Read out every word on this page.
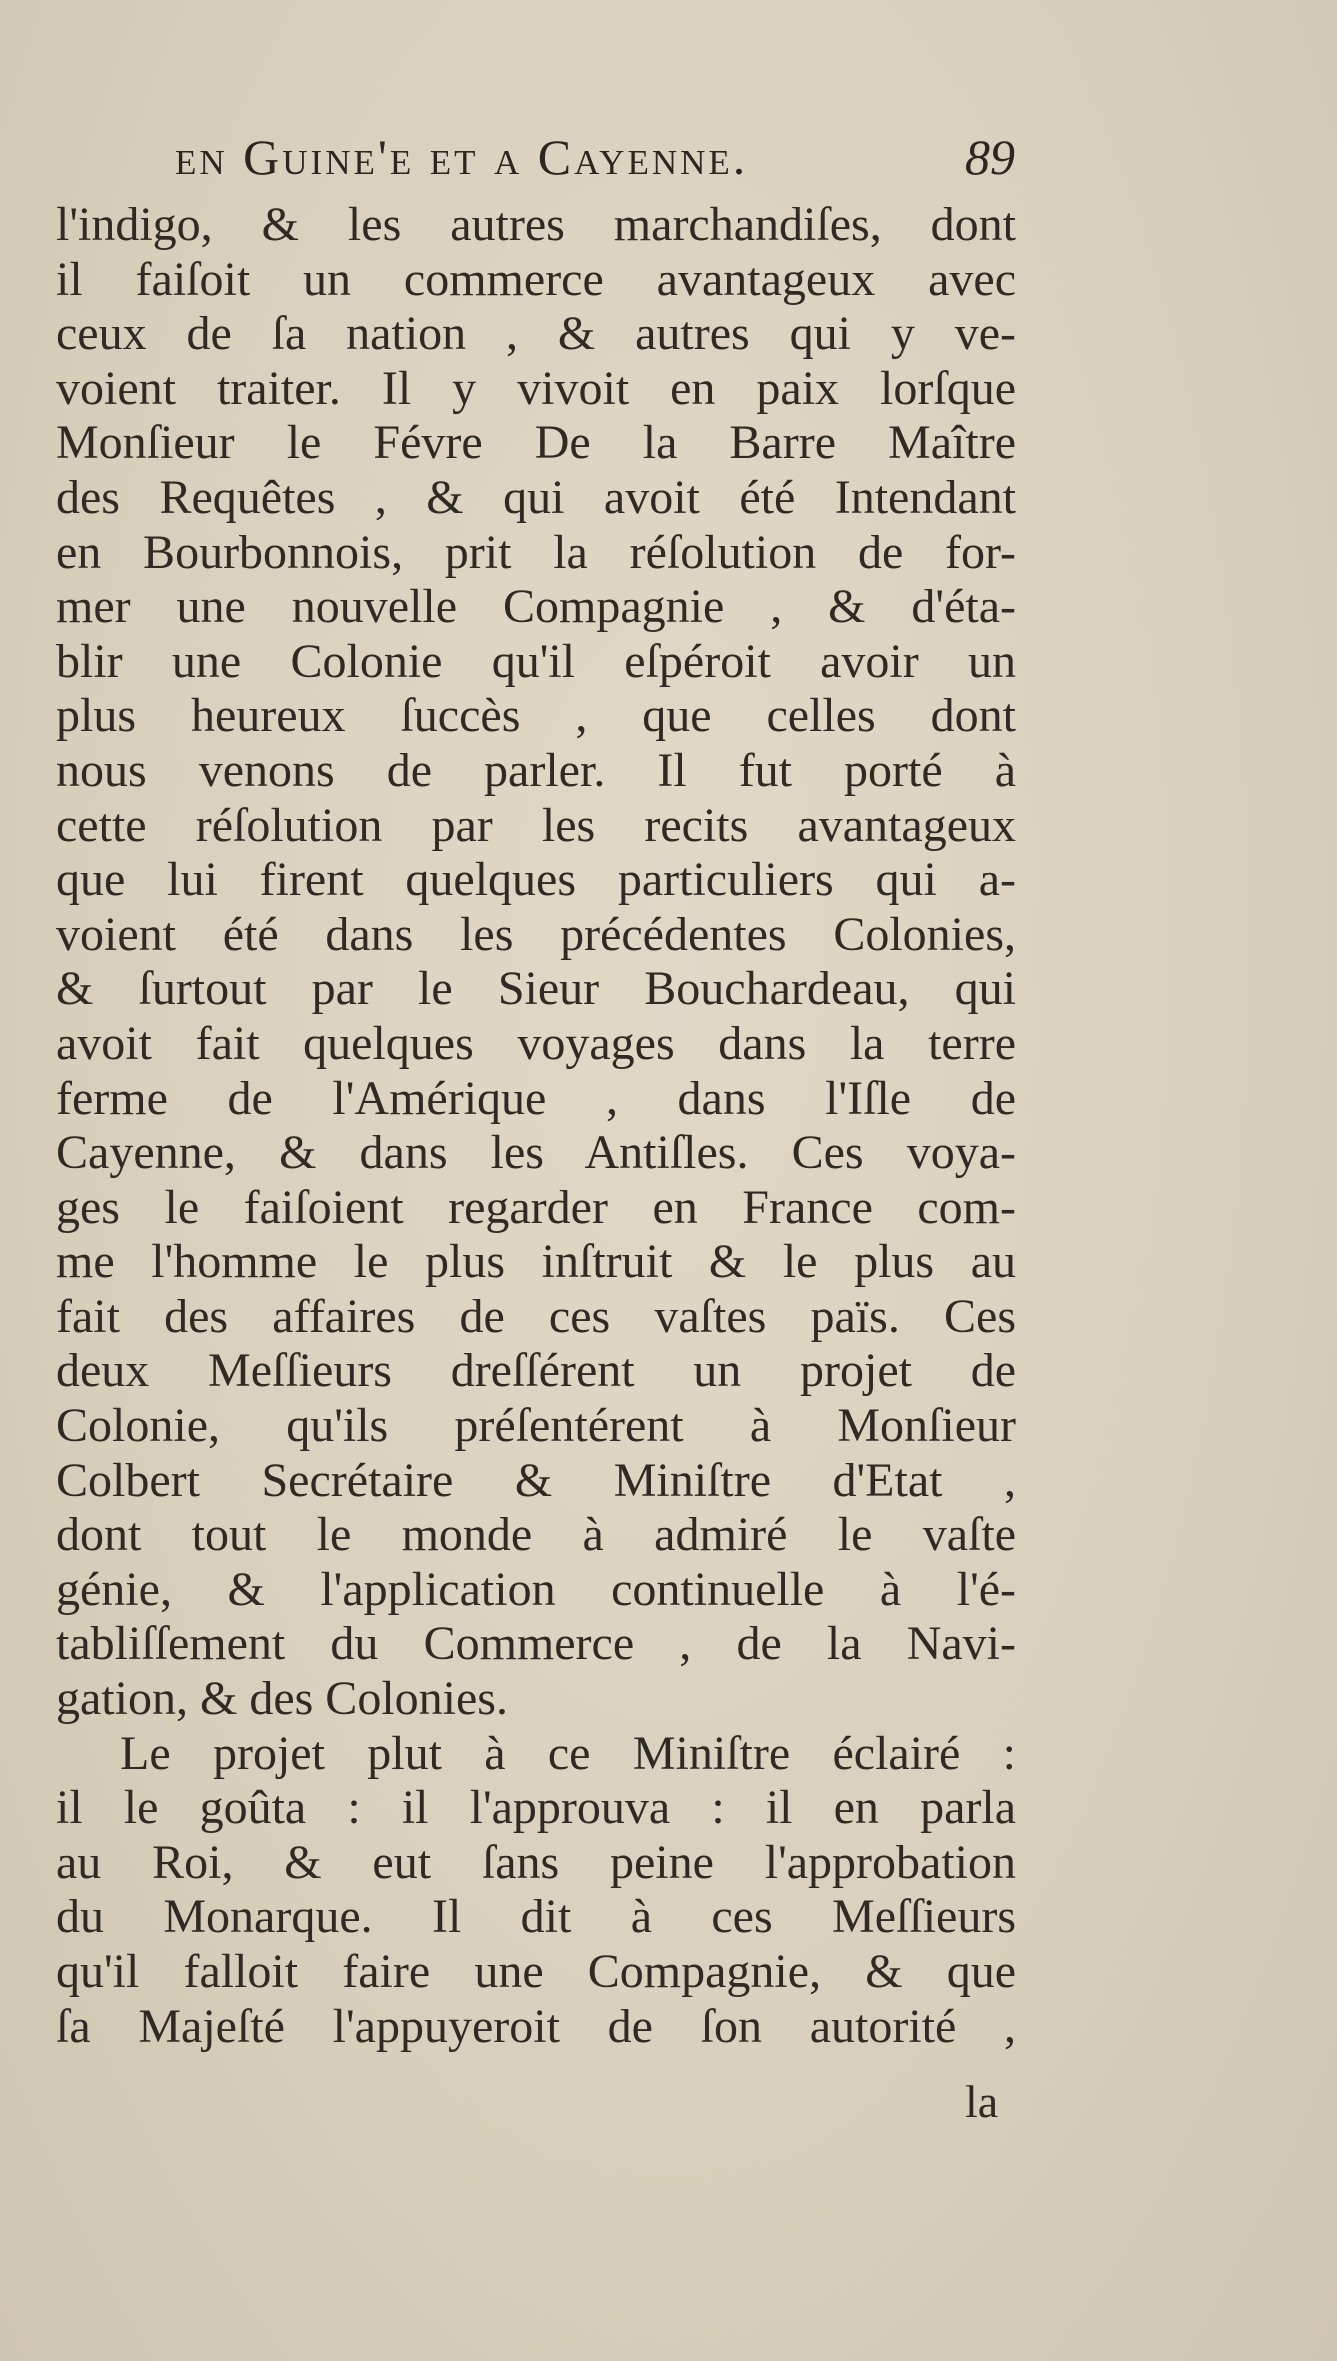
en Guine'e et a Cayenne.	89
l'indigo, & les autres marchandiſes, dont
il faiſoit un commerce avantageux avec
ceux de ſa nation , & autres qui y ve-
voient traiter. Il y vivoit en paix lorſque
Monſieur le Févre De la Barre Maître
des Requêtes , & qui avoit été Intendant
en Bourbonnois, prit la réſolution de for-
mer une nouvelle Compagnie , & d'éta-
blir une Colonie qu'il eſpéroit avoir un
plus heureux ſuccès , que celles dont
nous venons de parler. Il fut porté à
cette réſolution par les recits avantageux
que lui firent quelques particuliers qui a-
voient été dans les précédentes Colonies,
& ſurtout par le Sieur Bouchardeau, qui
avoit fait quelques voyages dans la terre
ferme de l'Amérique , dans l'Iſle de
Cayenne, & dans les Antiſles. Ces voya-
ges le faiſoient regarder en France com-
me l'homme le plus inſtruit & le plus au
fait des affaires de ces vaſtes païs. Ces
deux Meſſieurs dreſſérent un projet de
Colonie, qu'ils préſentérent à Monſieur
Colbert Secrétaire & Miniſtre d'Etat ,
dont tout le monde à admiré le vaſte
génie, & l'application continuelle à l'é-
tabliſſement du Commerce , de la Navi-
gation, & des Colonies.
Le projet plut à ce Miniſtre éclairé :
il le goûta : il l'approuva : il en parla
au Roi, & eut ſans peine l'approbation
du Monarque. Il dit à ces Meſſieurs
qu'il falloit faire une Compagnie, & que
ſa Majeſté l'appuyeroit de ſon autorité ,
la
